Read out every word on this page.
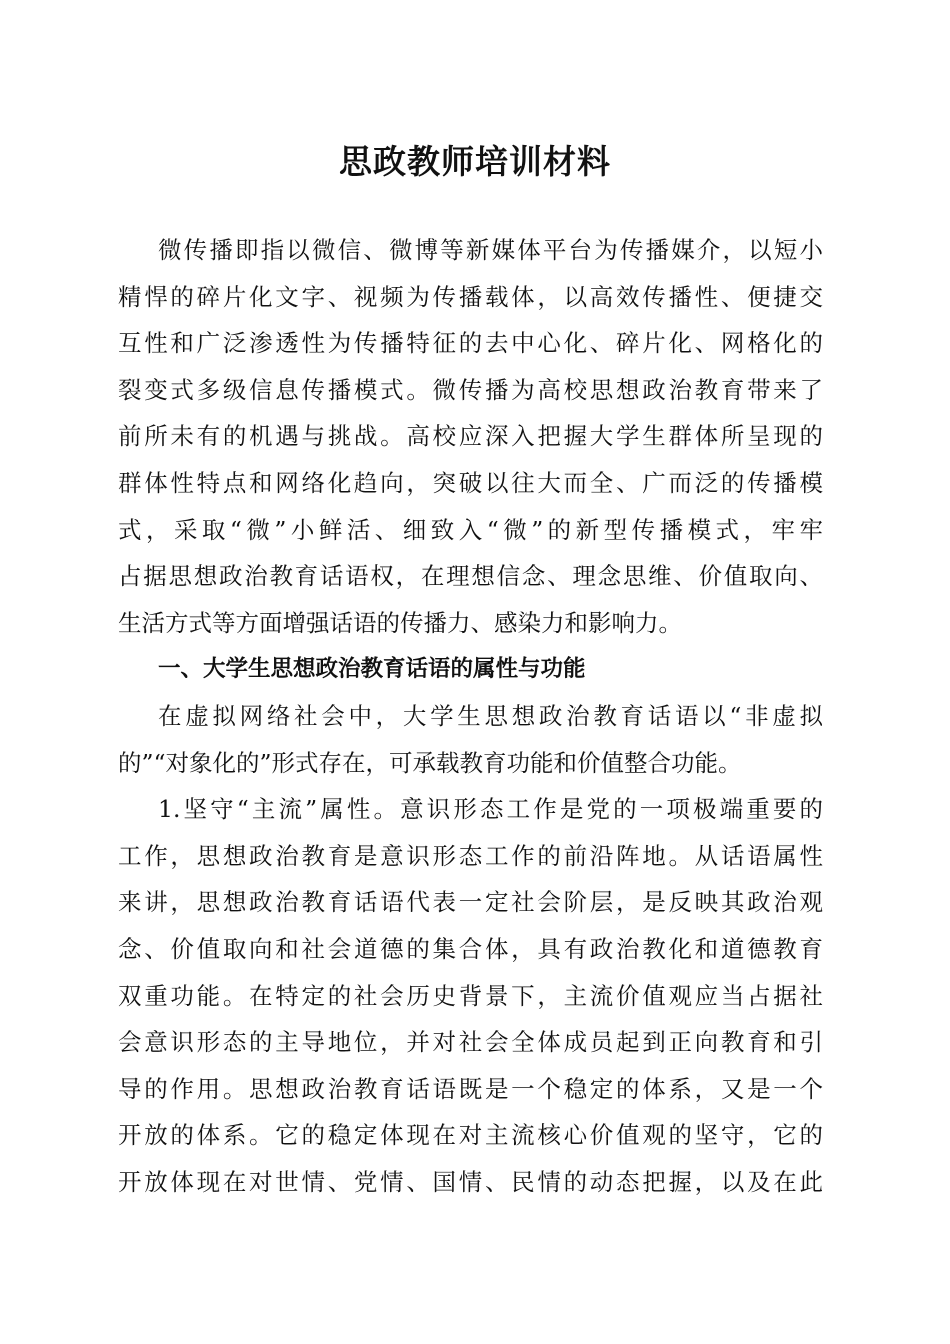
思政教师培训材料
微传播即指以微信、微博等新媒体平台为传播媒介，以短小
精悍的碎片化文字、视频为传播载体，以高效传播性、便捷交
互性和广泛渗透性为传播特征的去中心化、碎片化、网格化的
裂变式多级信息传播模式。微传播为高校思想政治教育带来了
前所未有的机遇与挑战。高校应深入把握大学生群体所呈现的
群体性特点和网络化趋向，突破以往大而全、广而泛的传播模
式，采取“微”小鲜活、细致入“微”的新型传播模式，牢牢
占据思想政治教育话语权，在理想信念、理念思维、价值取向、
生活方式等方面增强话语的传播力、感染力和影响力。
一、大学生思想政治教育话语的属性与功能
在虚拟网络社会中，大学生思想政治教育话语以“非虚拟
的”“对象化的”形式存在，可承载教育功能和价值整合功能。
1.坚守“主流”属性。意识形态工作是党的一项极端重要的
工作，思想政治教育是意识形态工作的前沿阵地。从话语属性
来讲，思想政治教育话语代表一定社会阶层，是反映其政治观
念、价值取向和社会道德的集合体，具有政治教化和道德教育
双重功能。在特定的社会历史背景下，主流价值观应当占据社
会意识形态的主导地位，并对社会全体成员起到正向教育和引
导的作用。思想政治教育话语既是一个稳定的体系，又是一个
开放的体系。它的稳定体现在对主流核心价值观的坚守，它的
开放体现在对世情、党情、国情、民情的动态把握，以及在此
